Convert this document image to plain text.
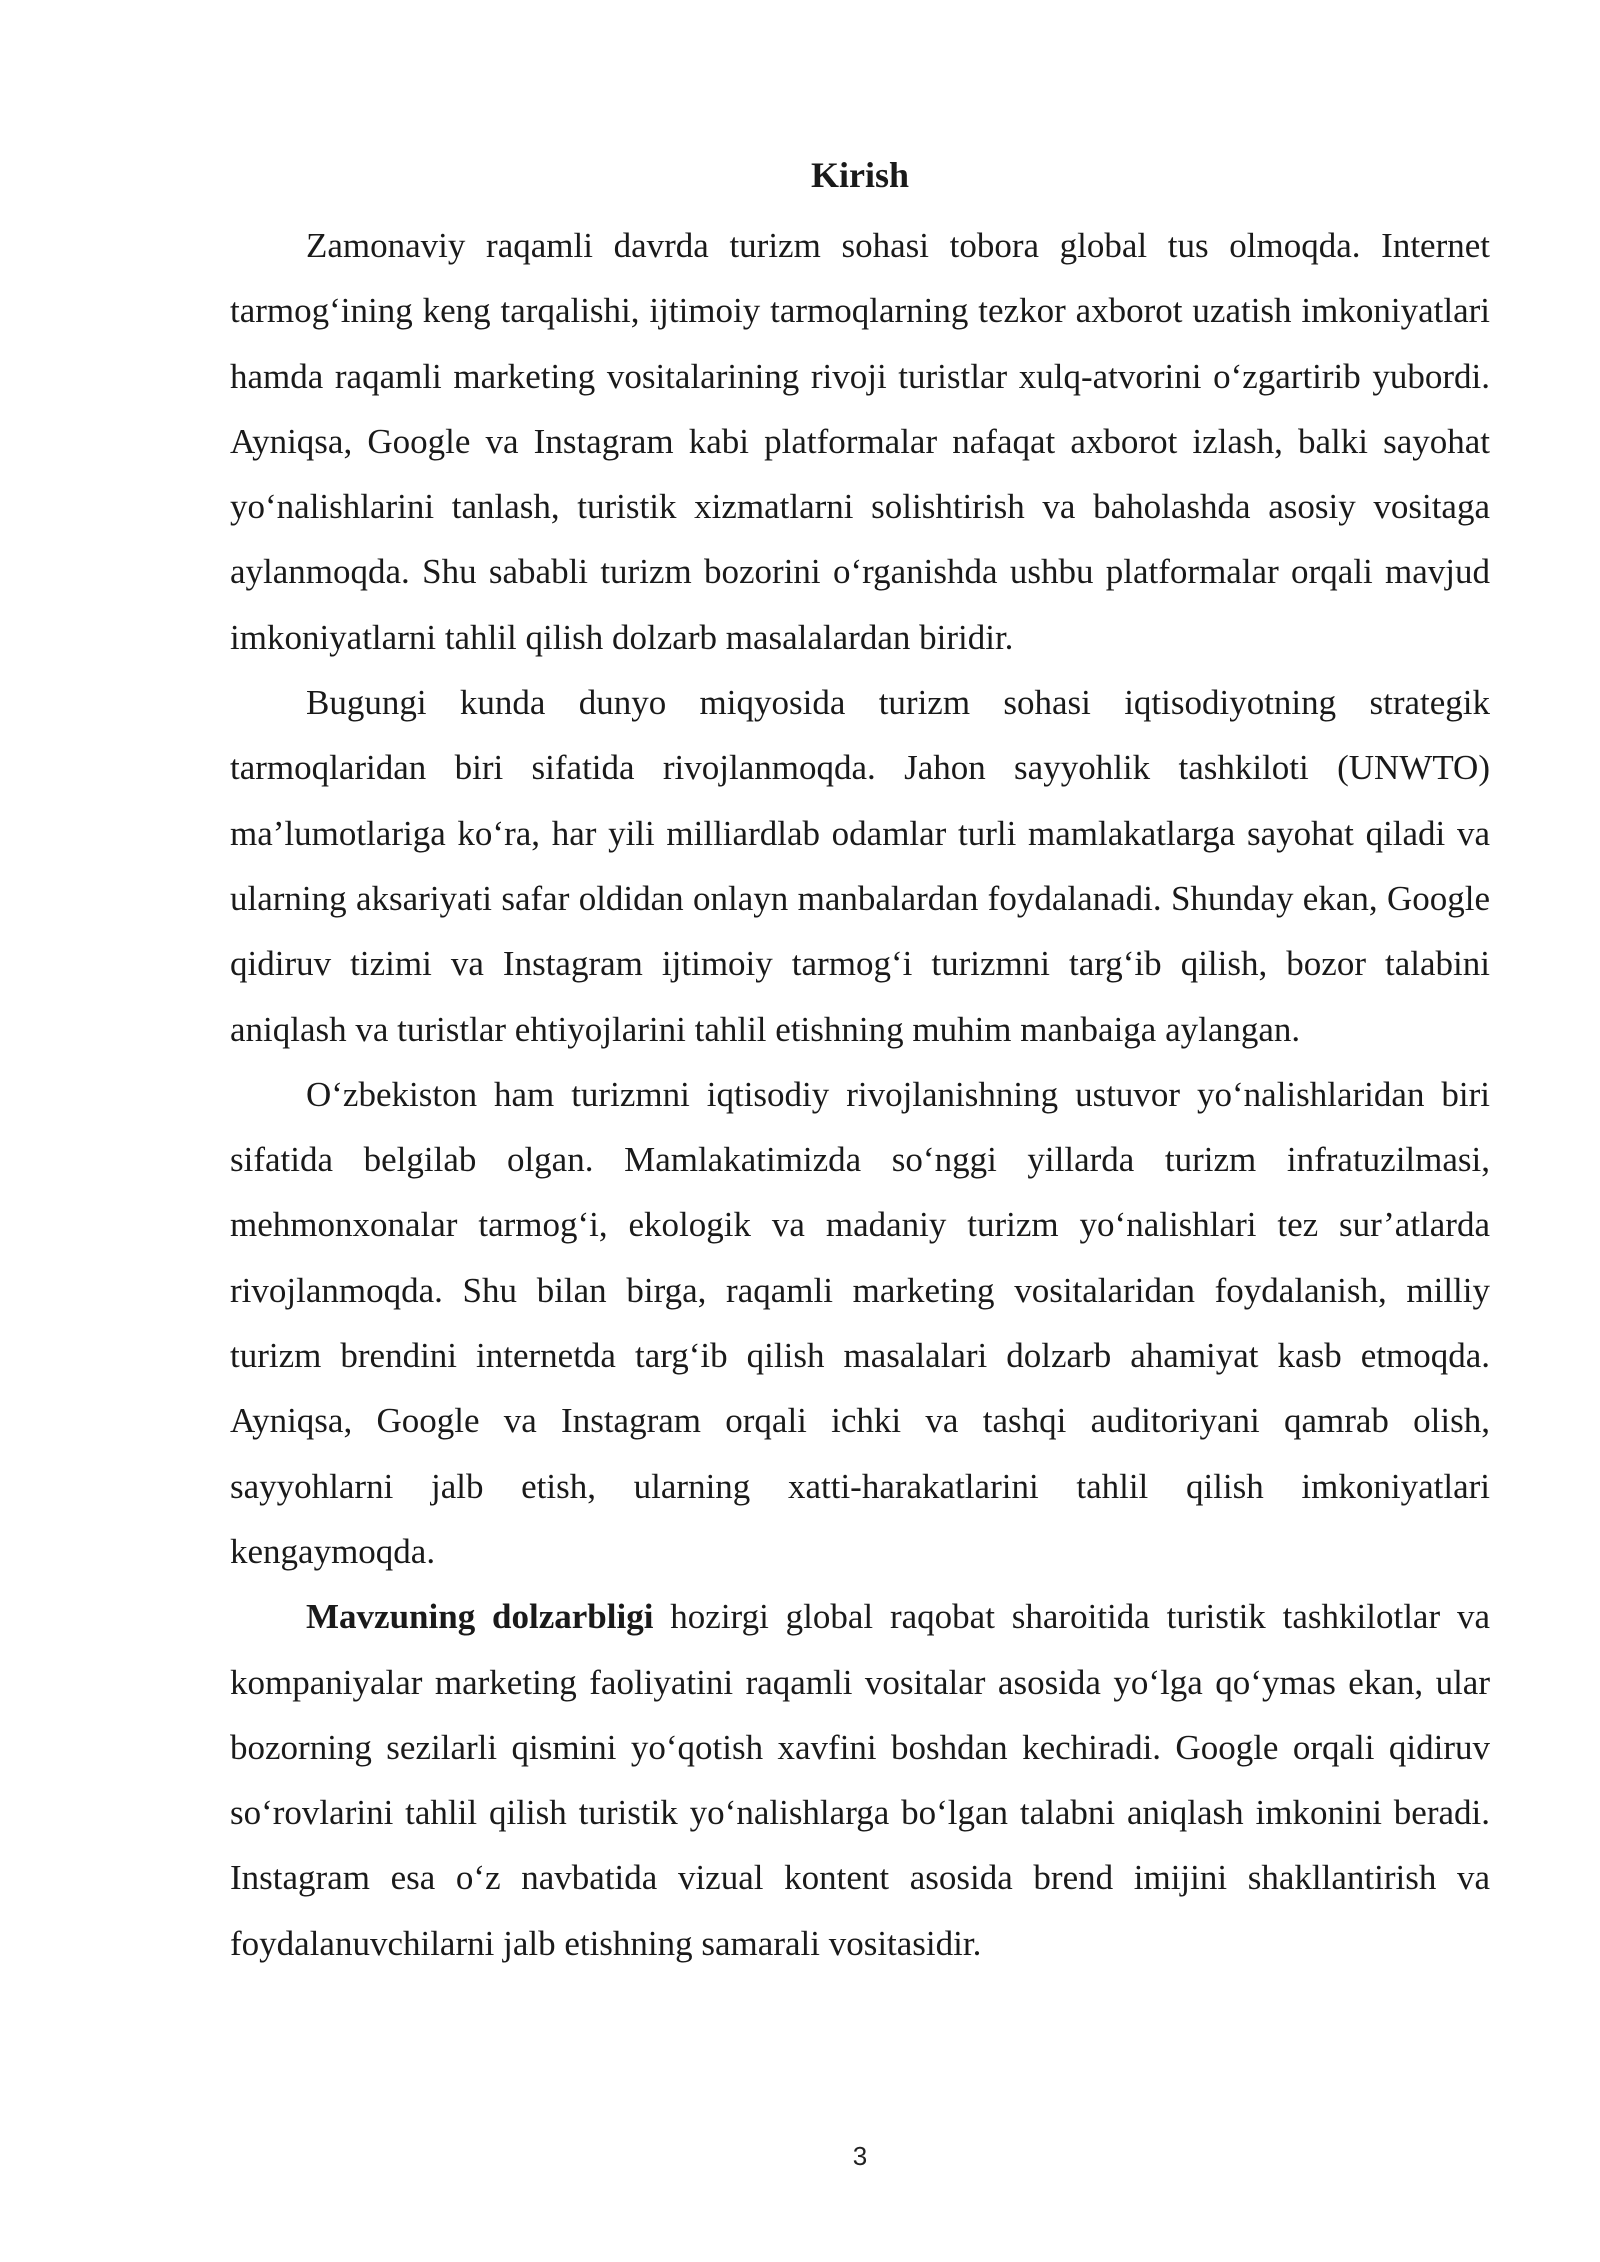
Kirish

Zamonaviy raqamli davrda turizm sohasi tobora global tus olmoqda. Internet tarmog‘ining keng tarqalishi, ijtimoiy tarmoqlarning tezkor axborot uzatish imkoniyatlari hamda raqamli marketing vositalarining rivoji turistlar xulq-atvorini o‘zgartirib yubordi. Ayniqsa, Google va Instagram kabi platformalar nafaqat axborot izlash, balki sayohat yo‘nalishlarini tanlash, turistik xizmatlarni solishtirish va baholashda asosiy vositaga aylanmoqda. Shu sababli turizm bozorini o‘rganishda ushbu platformalar orqali mavjud imkoniyatlarni tahlil qilish dolzarb masalalardan biridir.

Bugungi kunda dunyo miqyosida turizm sohasi iqtisodiyotning strategik tarmoqlaridan biri sifatida rivojlanmoqda. Jahon sayyohlik tashkiloti (UNWTO) ma’lumotlariga ko‘ra, har yili milliardlab odamlar turli mamlakatlarga sayohat qiladi va ularning aksariyati safar oldidan onlayn manbalardan foydalanadi. Shunday ekan, Google qidiruv tizimi va Instagram ijtimoiy tarmog‘i turizmni targ‘ib qilish, bozor talabini aniqlash va turistlar ehtiyojlarini tahlil etishning muhim manbaiga aylangan.

O‘zbekiston ham turizmni iqtisodiy rivojlanishning ustuvor yo‘nalishlaridan biri sifatida belgilab olgan. Mamlakatimizda so‘nggi yillarda turizm infratuzilmasi, mehmonxonalar tarmog‘i, ekologik va madaniy turizm yo‘nalishlari tez sur’atlarda rivojlanmoqda. Shu bilan birga, raqamli marketing vositalaridan foydalanish, milliy turizm brendini internetda targ‘ib qilish masalalari dolzarb ahamiyat kasb etmoqda. Ayniqsa, Google va Instagram orqali ichki va tashqi auditoriyani qamrab olish, sayyohlarni jalb etish, ularning xatti-harakatlarini tahlil qilish imkoniyatlari kengaymoqda.

Mavzuning dolzarbligi hozirgi global raqobat sharoitida turistik tashkilotlar va kompaniyalar marketing faoliyatini raqamli vositalar asosida yo‘lga qo‘ymas ekan, ular bozorning sezilarli qismini yo‘qotish xavfini boshdan kechiradi. Google orqali qidiruv so‘rovlarini tahlil qilish turistik yo‘nalishlarga bo‘lgan talabni aniqlash imkonini beradi. Instagram esa o‘z navbatida vizual kontent asosida brend imijini shakllantirish va foydalanuvchilarni jalb etishning samarali vositasidir.

3
